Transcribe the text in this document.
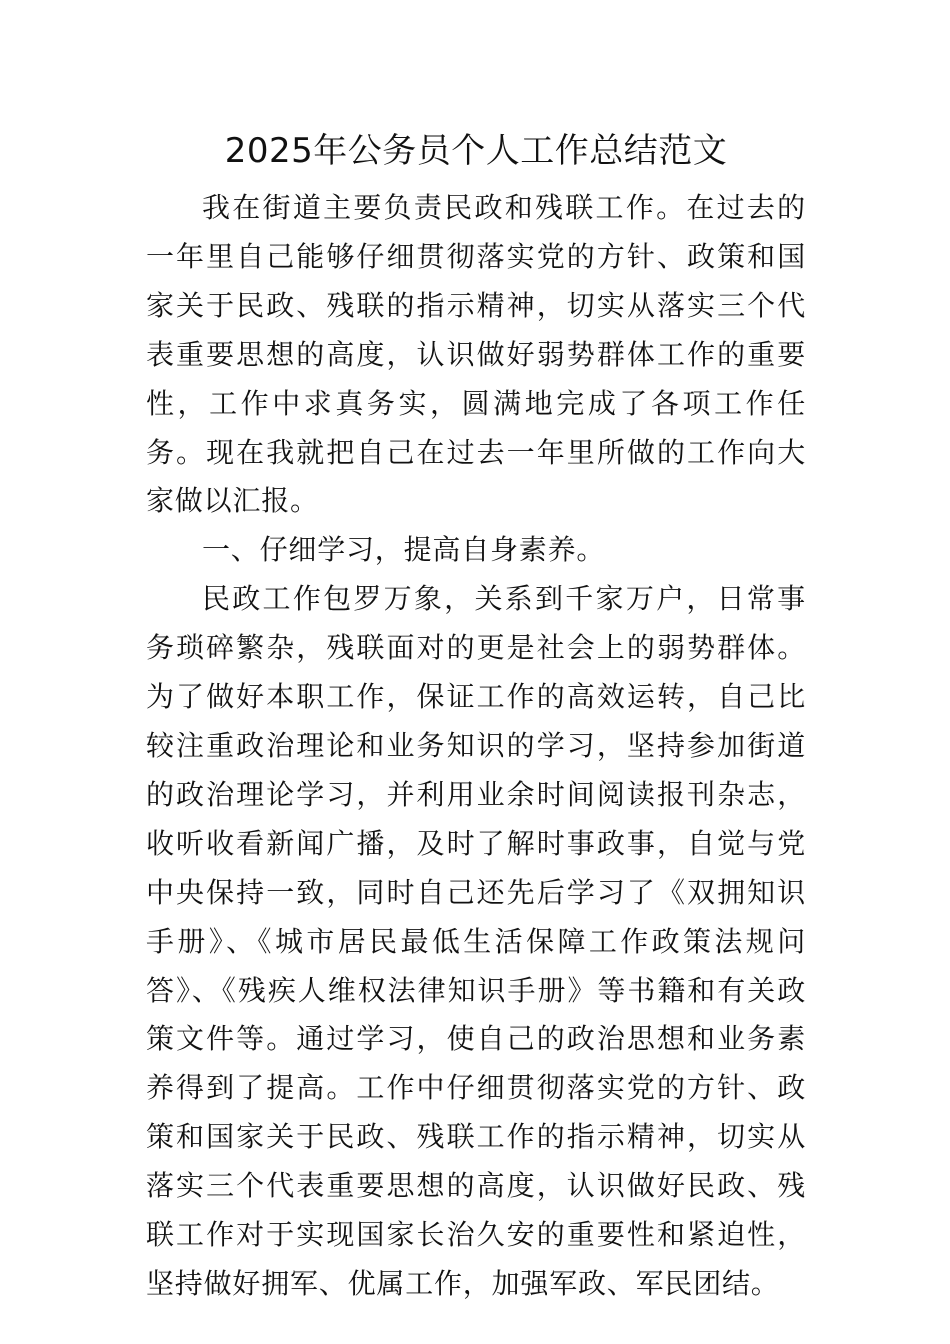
2025年公务员个人工作总结范文

我在街道主要负责民政和残联工作。在过去的一年里自己能够仔细贯彻落实党的方针、政策和国家关于民政、残联的指示精神，切实从落实三个代表重要思想的高度，认识做好弱势群体工作的重要性，工作中求真务实，圆满地完成了各项工作任务。现在我就把自己在过去一年里所做的工作向大家做以汇报。

一、仔细学习，提高自身素养。

民政工作包罗万象，关系到千家万户，日常事务琐碎繁杂，残联面对的更是社会上的弱势群体。为了做好本职工作，保证工作的高效运转，自己比较注重政治理论和业务知识的学习，坚持参加街道的政治理论学习，并利用业余时间阅读报刊杂志，收听收看新闻广播，及时了解时事政事，自觉与党中央保持一致，同时自己还先后学习了《双拥知识手册》、《城市居民最低生活保障工作政策法规问答》、《残疾人维权法律知识手册》等书籍和有关政策文件等。通过学习，使自己的政治思想和业务素养得到了提高。工作中仔细贯彻落实党的方针、政策和国家关于民政、残联工作的指示精神，切实从落实三个代表重要思想的高度，认识做好民政、残联工作对于实现国家长治久安的重要性和紧迫性，坚持做好拥军、优属工作，加强军政、军民团结。
